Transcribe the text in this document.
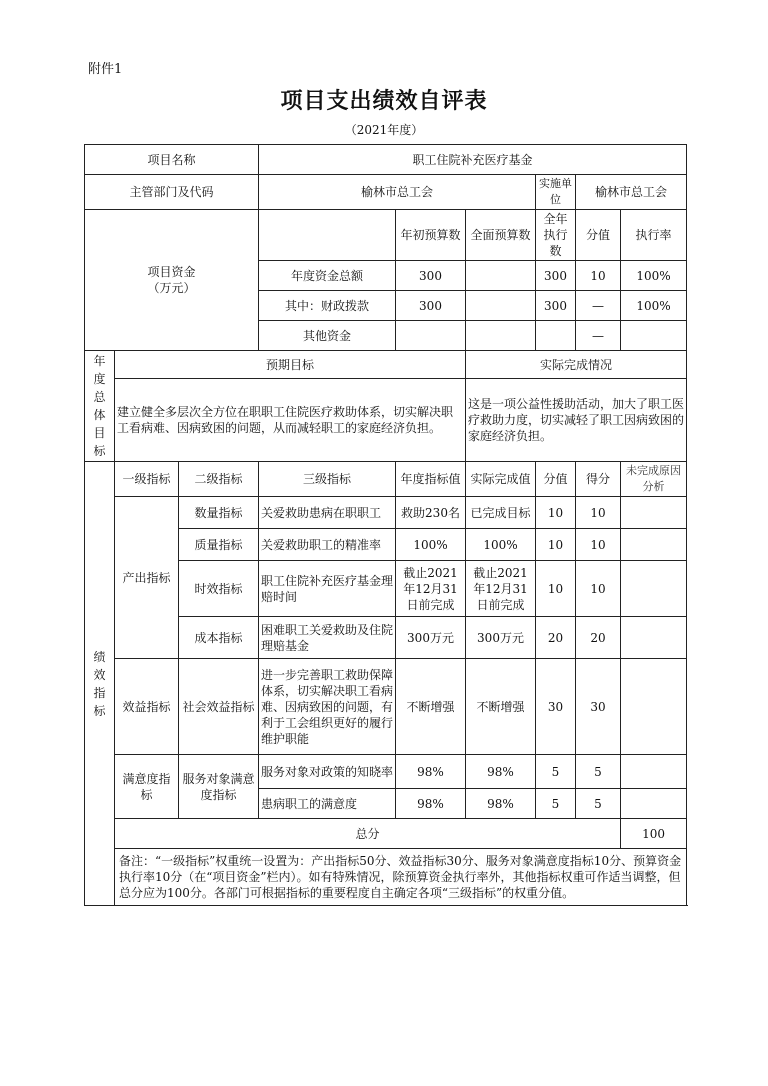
附件1
项目支出绩效自评表
（2021年度）
项目名称			职工住院补充医疗基金						
主管部门及代码			榆林市总工会			实施单位	榆林市总工会		
项目资金
（万元）				年初预算数	全面预算数	全年执行数	分值	执行率	
			年度资金总额	300		300	10	100%	
			其中：财政拨款	300		300	—	100%	
			其他资金				—		

年度总体目标	预期目标				实际完成情况				
	建立健全多层次全方位在职职工住院医疗救助体系，切实解决职工看病难、因病致困的问题，从而减轻职工的家庭经济负担。				这是一项公益性援助活动，加大了职工医疗救助力度，切实减轻了职工因病致困的家庭经济负担。				

绩效指标	一级指标	二级指标	三级指标	年度指标值	实际完成值	分值	得分	未完成原因分析	
	产出指标	数量指标	关爱救助患病在职职工	救助230名	已完成目标	10	10		
		质量指标	关爱救助职工的精准率	100%	100%	10	10		
		时效指标	职工住院补充医疗基金理赔时间	截止2021年12月31日前完成	截止2021年12月31日前完成	10	10		
		成本指标	困难职工关爱救助及住院理赔基金	300万元	300万元	20	20		
	效益指标	社会效益指标	进一步完善职工救助保障体系，切实解决职工看病难、因病致困的问题，有利于工会组织更好的履行维护职能	不断增强	不断增强	30	30		
	满意度指标	服务对象满意度指标	服务对象对政策的知晓率	98%	98%	5	5		
			患病职工的满意度	98%	98%	5	5		
	总分							100	
	备注：“一级指标”权重统一设置为：产出指标50分、效益指标30分、服务对象满意度指标10分、预算资金执行率10分（在“项目资金”栏内）。如有特殊情况，除预算资金执行率外，其他指标权重可作适当调整，但总分应为100分。各部门可根据指标的重要程度自主确定各项“三级指标”的权重分值。								
